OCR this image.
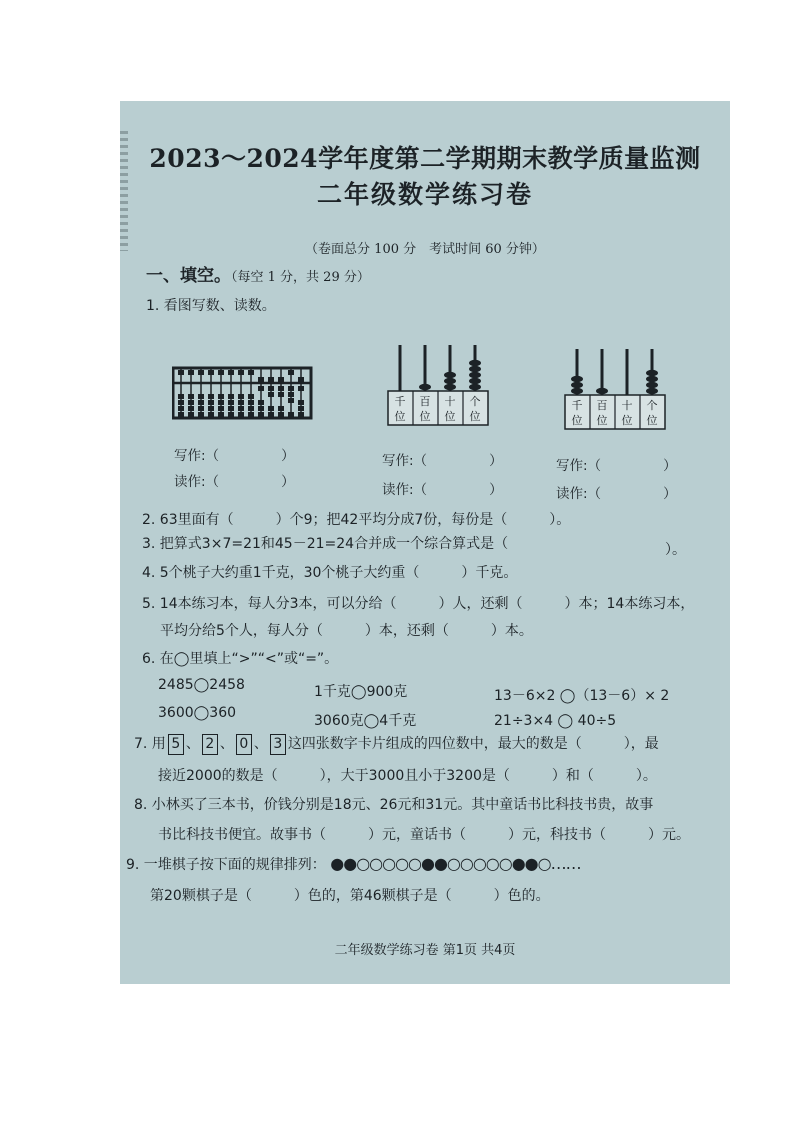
2023～2024学年度第二学期期末教学质量监测
二年级数学练习卷
（卷面总分 100 分　考试时间 60 分钟）
一、填空。（每空 1 分，共 29 分）
1. 看图写数、读数。
千
位
百
位
十
位
个
位
千
位
百
位
十
位
个
位
写作:（	）
读作:（	）
写作:（	）
读作:（	）
写作:（	）
读作:（	）
2. 63里面有（　　　）个9；把42平均分成7份，每份是（　　　）。
3. 把算式3×7=21和45－21=24合并成一个综合算式是（	）。
4. 5个桃子大约重1千克，30个桃子大约重（　　　）千克。
5. 14本练习本，每人分3本，可以分给（　　　）人，还剩（　　　）本；14本练习本，
平均分给5个人，每人分（　　　）本，还剩（　　　）本。
6. 在◯里填上“>”“<”或“=”。
2485◯2458	1千克◯900克	13－6×2 ◯（13－6）× 2
3600◯360	3060克◯4千克	21÷3×4 ◯ 40÷5
7. 用 5 、 2 、 0 、 3 这四张数字卡片组成的四位数中，最大的数是（　　　），最
接近2000的数是（　　　），大于3000且小于3200是（　　　）和（　　　）。
8. 小林买了三本书，价钱分别是18元、26元和31元。其中童话书比科技书贵，故事
书比科技书便宜。故事书（　　　）元，童话书（　　　）元，科技书（　　　）元。
9. 一堆棋子按下面的规律排列： ●●○○○○○●●○○○○○●●○……
第20颗棋子是（　　　）色的，第46颗棋子是（　　　）色的。
二年级数学练习卷 第1页 共4页
